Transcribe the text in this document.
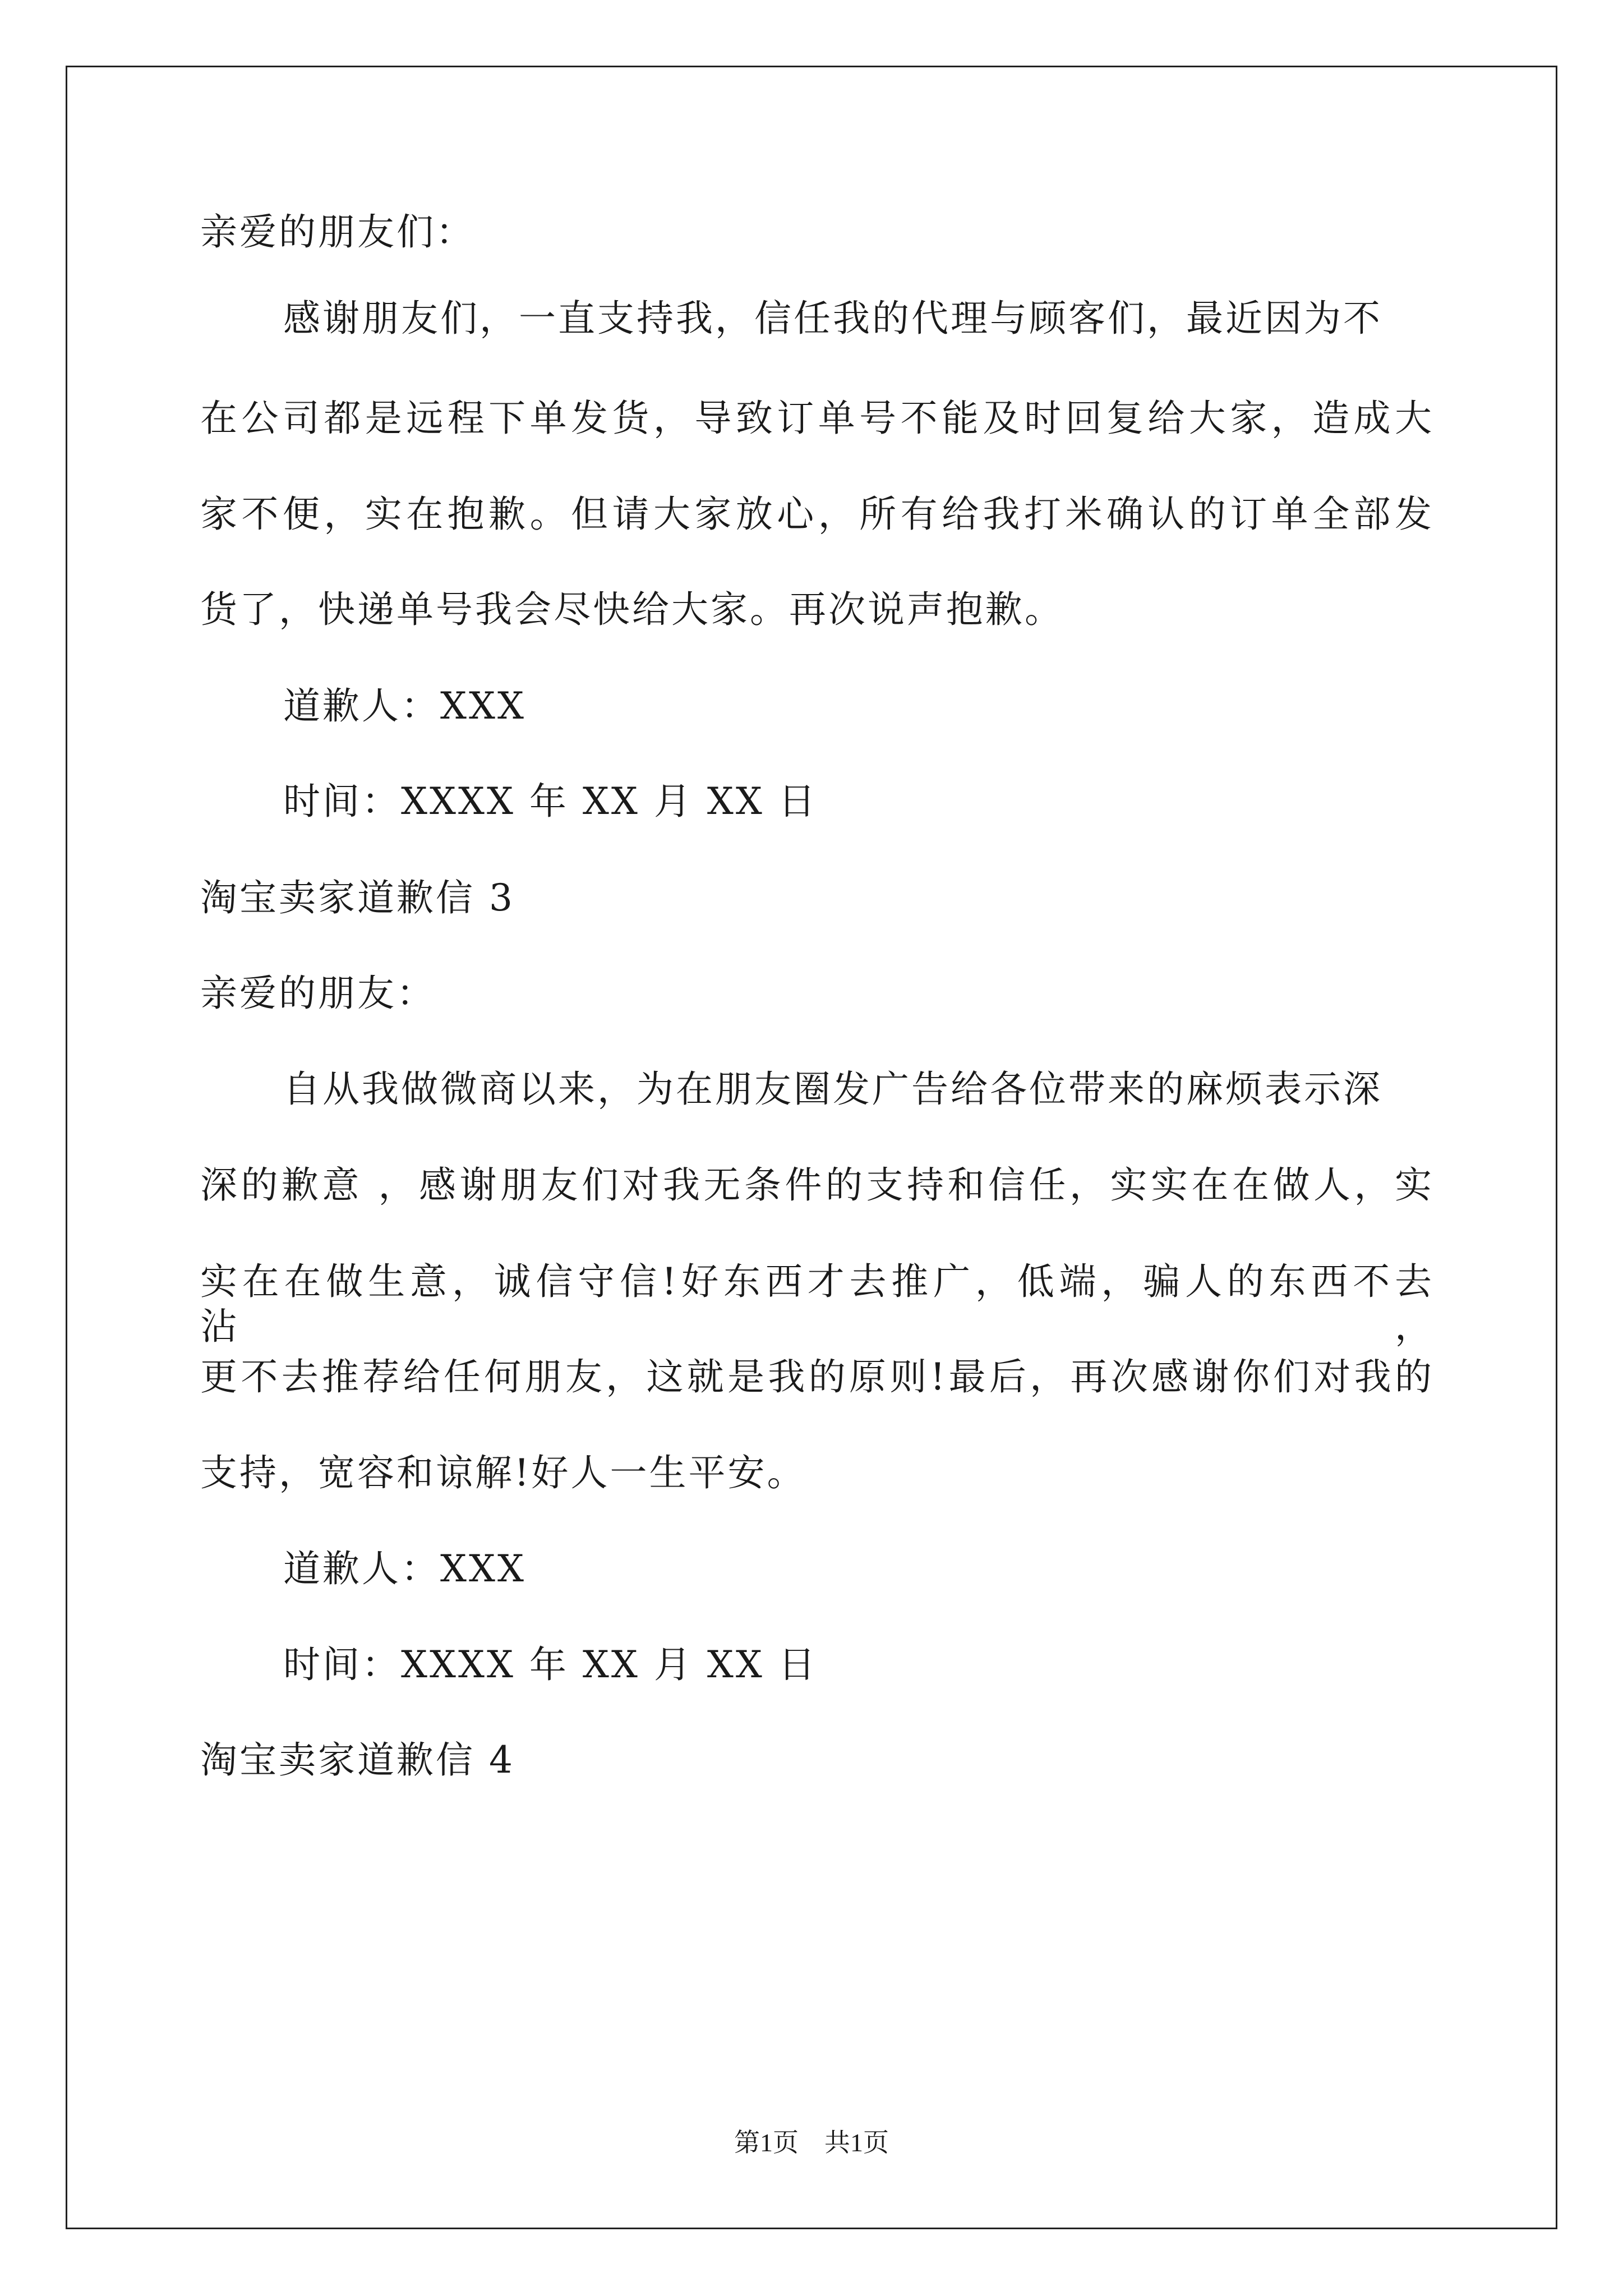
亲爱的朋友们：
感谢朋友们，一直支持我，信任我的代理与顾客们，最近因为不
在公司都是远程下单发货，导致订单号不能及时回复给大家，造成大
家不便，实在抱歉。但请大家放心，所有给我打米确认的订单全部发
货了，快递单号我会尽快给大家。再次说声抱歉。
道歉人：XXX
时间：XXXX 年 XX 月 XX 日
淘宝卖家道歉信 3
亲爱的朋友：
自从我做微商以来，为在朋友圈发广告给各位带来的麻烦表示深
深的歉意 ，感谢朋友们对我无条件的支持和信任，实实在在做人，实
实在在做生意，诚信守信!好东西才去推广，低端，骗人的东西不去沾，
更不去推荐给任何朋友，这就是我的原则!最后，再次感谢你们对我的
支持，宽容和谅解!好人一生平安。
道歉人：XXX
时间：XXXX 年 XX 月 XX 日
淘宝卖家道歉信 4
第1页　共1页
